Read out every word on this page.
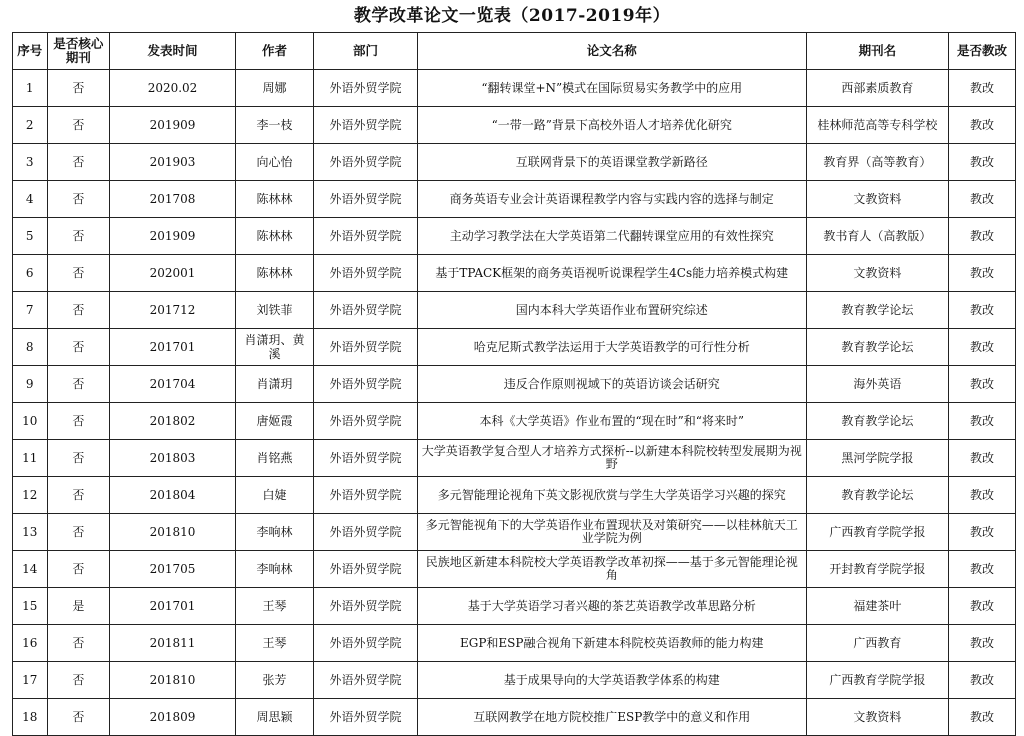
教学改革论文一览表（2017-2019年）
序号	是否核心期刊	发表时间	作者	部门	论文名称	期刊名	是否教改
1	否	2020.02	周娜	外语外贸学院	“翻转课堂+N”模式在国际贸易实务教学中的应用	西部素质教育	教改
2	否	201909	李一枝	外语外贸学院	“一带一路”背景下高校外语人才培养优化研究	桂林师范高等专科学校	教改
3	否	201903	向心怡	外语外贸学院	互联网背景下的英语课堂教学新路径	教育界（高等教育）	教改
4	否	201708	陈林林	外语外贸学院	商务英语专业会计英语课程教学内容与实践内容的选择与制定	文教资料	教改
5	否	201909	陈林林	外语外贸学院	主动学习教学法在大学英语第二代翻转课堂应用的有效性探究	教书育人（高教版）	教改
6	否	202001	陈林林	外语外贸学院	基于TPACK框架的商务英语视听说课程学生4Cs能力培养模式构建	文教资料	教改
7	否	201712	刘铁菲	外语外贸学院	国内本科大学英语作业布置研究综述	教育教学论坛	教改
8	否	201701	肖潇玥、黄溪	外语外贸学院	哈克尼斯式教学法运用于大学英语教学的可行性分析	教育教学论坛	教改
9	否	201704	肖潇玥	外语外贸学院	违反合作原则视域下的英语访谈会话研究	海外英语	教改
10	否	201802	唐姬霞	外语外贸学院	本科《大学英语》作业布置的“现在时”和“将来时”	教育教学论坛	教改
11	否	201803	肖铭燕	外语外贸学院	大学英语教学复合型人才培养方式探析--以新建本科院校转型发展期为视野	黑河学院学报	教改
12	否	201804	白婕	外语外贸学院	多元智能理论视角下英文影视欣赏与学生大学英语学习兴趣的探究	教育教学论坛	教改
13	否	201810	李响林	外语外贸学院	多元智能视角下的大学英语作业布置现状及对策研究——以桂林航天工业学院为例	广西教育学院学报	教改
14	否	201705	李响林	外语外贸学院	民族地区新建本科院校大学英语教学改革初探——基于多元智能理论视角	开封教育学院学报	教改
15	是	201701	王琴	外语外贸学院	基于大学英语学习者兴趣的茶艺英语教学改革思路分析	福建茶叶	教改
16	否	201811	王琴	外语外贸学院	EGP和ESP融合视角下新建本科院校英语教师的能力构建	广西教育	教改
17	否	201810	张芳	外语外贸学院	基于成果导向的大学英语教学体系的构建	广西教育学院学报	教改
18	否	201809	周思颖	外语外贸学院	互联网教学在地方院校推广ESP教学中的意义和作用	文教资料	教改
